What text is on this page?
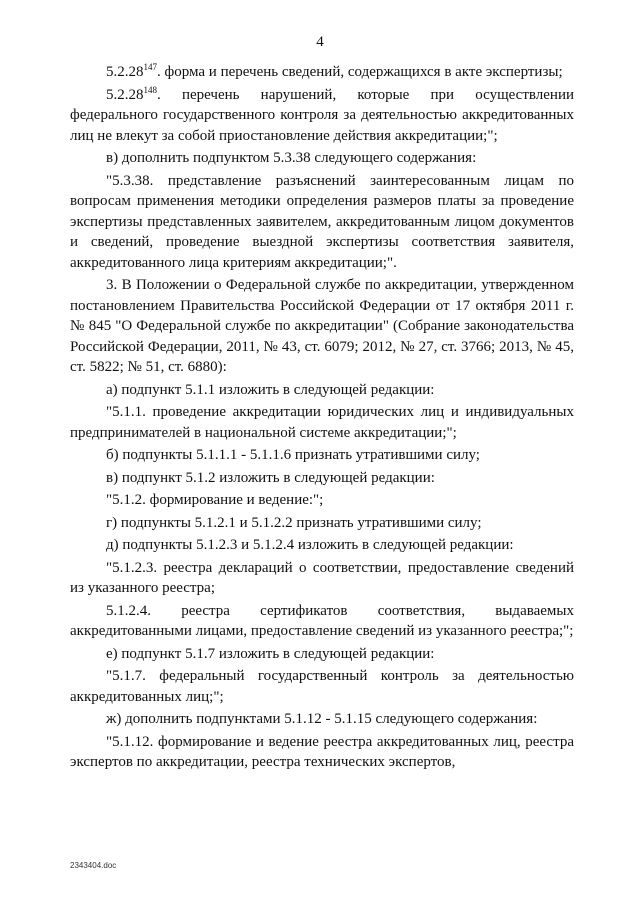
4

5.2.28$^{147}$. форма и перечень сведений, содержащихся в акте экспертизы;

5.2.28$^{148}$. перечень нарушений, которые при осуществлении федерального государственного контроля за деятельностью аккредитованных лиц не влекут за собой приостановление действия аккредитации;";

в) дополнить подпунктом 5.3.38 следующего содержания:

"5.3.38. представление разъяснений заинтересованным лицам по вопросам применения методики определения размеров платы за проведение экспертизы представленных заявителем, аккредитованным лицом документов и сведений, проведение выездной экспертизы соответствия заявителя, аккредитованного лица критериям аккредитации;".

3. В Положении о Федеральной службе по аккредитации, утвержденном постановлением Правительства Российской Федерации от 17 октября 2011 г. № 845 "О Федеральной службе по аккредитации" (Собрание законодательства Российской Федерации, 2011, № 43, ст. 6079; 2012, № 27, ст. 3766; 2013, № 45, ст. 5822; № 51, ст. 6880):

а) подпункт 5.1.1 изложить в следующей редакции:

"5.1.1. проведение аккредитации юридических лиц и индивидуальных предпринимателей в национальной системе аккредитации;";

б) подпункты 5.1.1.1 - 5.1.1.6 признать утратившими силу;

в) подпункт 5.1.2 изложить в следующей редакции:

"5.1.2. формирование и ведение:";

г) подпункты 5.1.2.1 и 5.1.2.2 признать утратившими силу;

д) подпункты 5.1.2.3 и 5.1.2.4 изложить в следующей редакции:

"5.1.2.3. реестра деклараций о соответствии, предоставление сведений из указанного реестра;

5.1.2.4. реестра сертификатов соответствия, выдаваемых аккредитованными лицами, предоставление сведений из указанного реестра;";

е) подпункт 5.1.7 изложить в следующей редакции:

"5.1.7. федеральный государственный контроль за деятельностью аккредитованных лиц;";

ж) дополнить подпунктами 5.1.12 - 5.1.15 следующего содержания:

"5.1.12. формирование и ведение реестра аккредитованных лиц, реестра экспертов по аккредитации, реестра технических экспертов,

2343404.doc
